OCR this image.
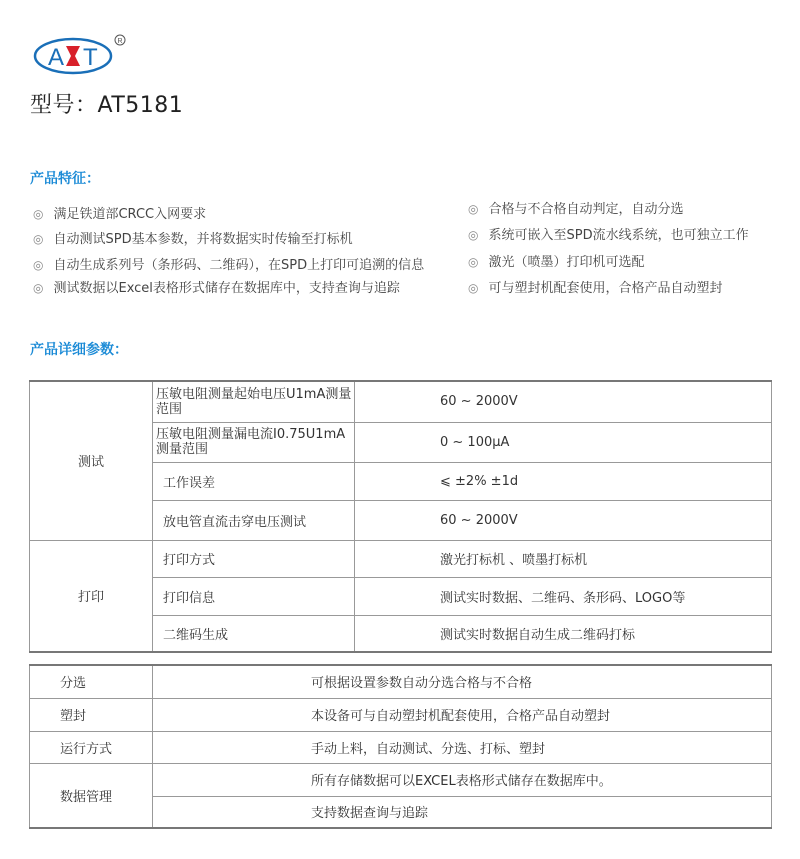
A T
R
型号：AT5181
产品特征：
◎ 满足铁道部CRCC入网要求
◎ 自动测试SPD基本参数，并将数据实时传输至打标机
◎ 自动生成系列号（条形码、二维码），在SPD上打印可追溯的信息
◎ 测试数据以Excel表格形式储存在数据库中，支持查询与追踪
◎ 合格与不合格自动判定，自动分选
◎ 系统可嵌入至SPD流水线系统，也可独立工作
◎ 激光（喷墨）打印机可选配
◎ 可与塑封机配套使用，合格产品自动塑封
产品详细参数：
测试	压敏电阻测量起始电压U1mA测量范围	60 ~ 2000V
	压敏电阻测量漏电流I0.75U1mA测量范围	0 ~ 100μA
	工作误差	⩽ ±2% ±1d
	放电管直流击穿电压测试	60 ~ 2000V
打印	打印方式	激光打标机 、喷墨打标机
	打印信息	测试实时数据、二维码、条形码、LOGO等
	二维码生成	测试实时数据自动生成二维码打标
分选	可根据设置参数自动分选合格与不合格
塑封	本设备可与自动塑封机配套使用，合格产品自动塑封
运行方式	手动上料，自动测试、分选、打标、塑封
数据管理	所有存储数据可以EXCEL表格形式储存在数据库中。
	支持数据查询与追踪
